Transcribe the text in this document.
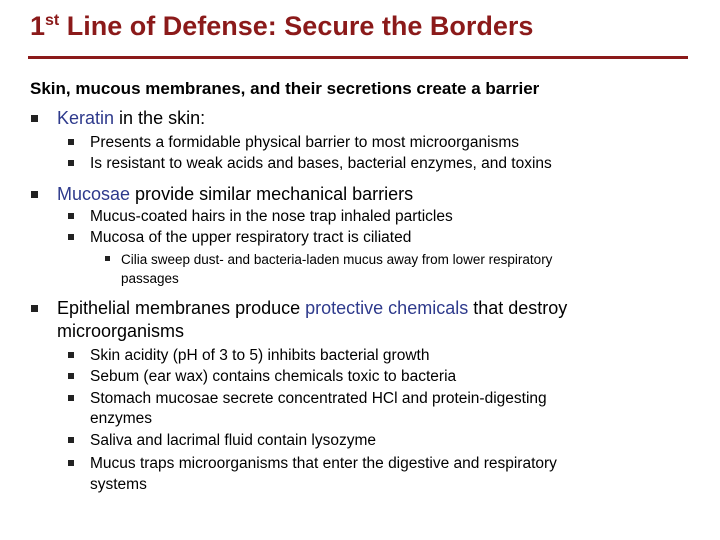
1st Line of Defense: Secure the Borders
Skin, mucous membranes, and their secretions create a barrier
Keratin in the skin:
Presents a formidable physical barrier to most microorganisms
Is resistant to weak acids and bases, bacterial enzymes, and toxins
Mucosae provide similar mechanical barriers
Mucus-coated hairs in the nose trap inhaled particles
Mucosa of the upper respiratory tract is ciliated
Cilia sweep dust- and bacteria-laden mucus away from lower respiratory
passages
Epithelial membranes produce protective chemicals that destroy
microorganisms
Skin acidity (pH of 3 to 5) inhibits bacterial growth
Sebum (ear wax) contains chemicals toxic to bacteria
Stomach mucosae secrete concentrated HCl and protein-digesting
enzymes
Saliva and lacrimal fluid contain lysozyme
Mucus traps microorganisms that enter the digestive and respiratory
systems
